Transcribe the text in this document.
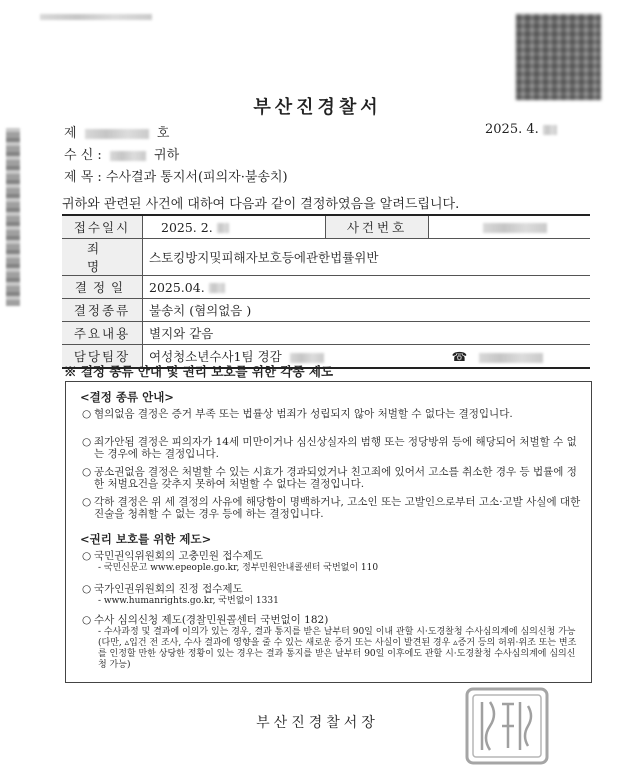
부산진경찰서
제	호	2025. 4.
수 신 :	귀하
제 목 : 수사결과 통지서(피의자·불송치)
귀하와 관련된 사건에 대하여 다음과 같이 결정하였음을 알려드립니다.
접수일시	2025. 2.	사건번호	
죄 명	스토킹방지및피해자보호등에관한법률위반		
결정일	2025.04.		
결정종류	불송치 (혐의없음 )		
주요내용	별지와 같음		
담당팀장	여성청소년수사1팀 경감 ☎		
※ 결정 종류 안내 및 권리 보호를 위한 각종 제도
<결정 종류 안내>
○ 혐의없음 결정은 증거 부족 또는 법률상 범죄가 성립되지 않아 처벌할 수 없다는 결정입니다.
○ 죄가안됨 결정은 피의자가 14세 미만이거나 심신상실자의 범행 또는 정당방위 등에 해당되어 처벌할 수 없는 경우에 하는 결정입니다.
○ 공소권없음 결정은 처벌할 수 있는 시효가 경과되었거나 친고죄에 있어서 고소를 취소한 경우 등 법률에 정한 처벌요건을 갖추지 못하여 처벌할 수 없다는 결정입니다.
○ 각하 결정은 위 세 결정의 사유에 해당함이 명백하거나, 고소인 또는 고발인으로부터 고소·고발 사실에 대한 진술을 청취할 수 없는 경우 등에 하는 결정입니다.
<권리 보호를 위한 제도>
○ 국민권익위원회의 고충민원 접수제도
- 국민신문고 www.epeople.go.kr, 정부민원안내콜센터 국번없이 110
○ 국가인권위원회의 진정 접수제도
- www.humanrights.go.kr, 국번없이 1331
○ 수사 심의신청 제도(경찰민원콜센터 국번없이 182)
- 수사과정 및 결과에 이의가 있는 경우, 결과 통지를 받은 날부터 90일 이내 관할 시·도경찰청 수사심의계에 심의신청 가능 (다만, ▵입건 전 조사, 수사 결과에 영향을 줄 수 있는 새로운 증거 또는 사실이 발견된 경우 ▵증거 등의 허위·위조 또는 변조를 인정할 만한 상당한 정황이 있는 경우는 결과 통지를 받은 날부터 90일 이후에도 관할 시·도경찰청 수사심의계에 심의신청 가능)
부산진경찰서장
